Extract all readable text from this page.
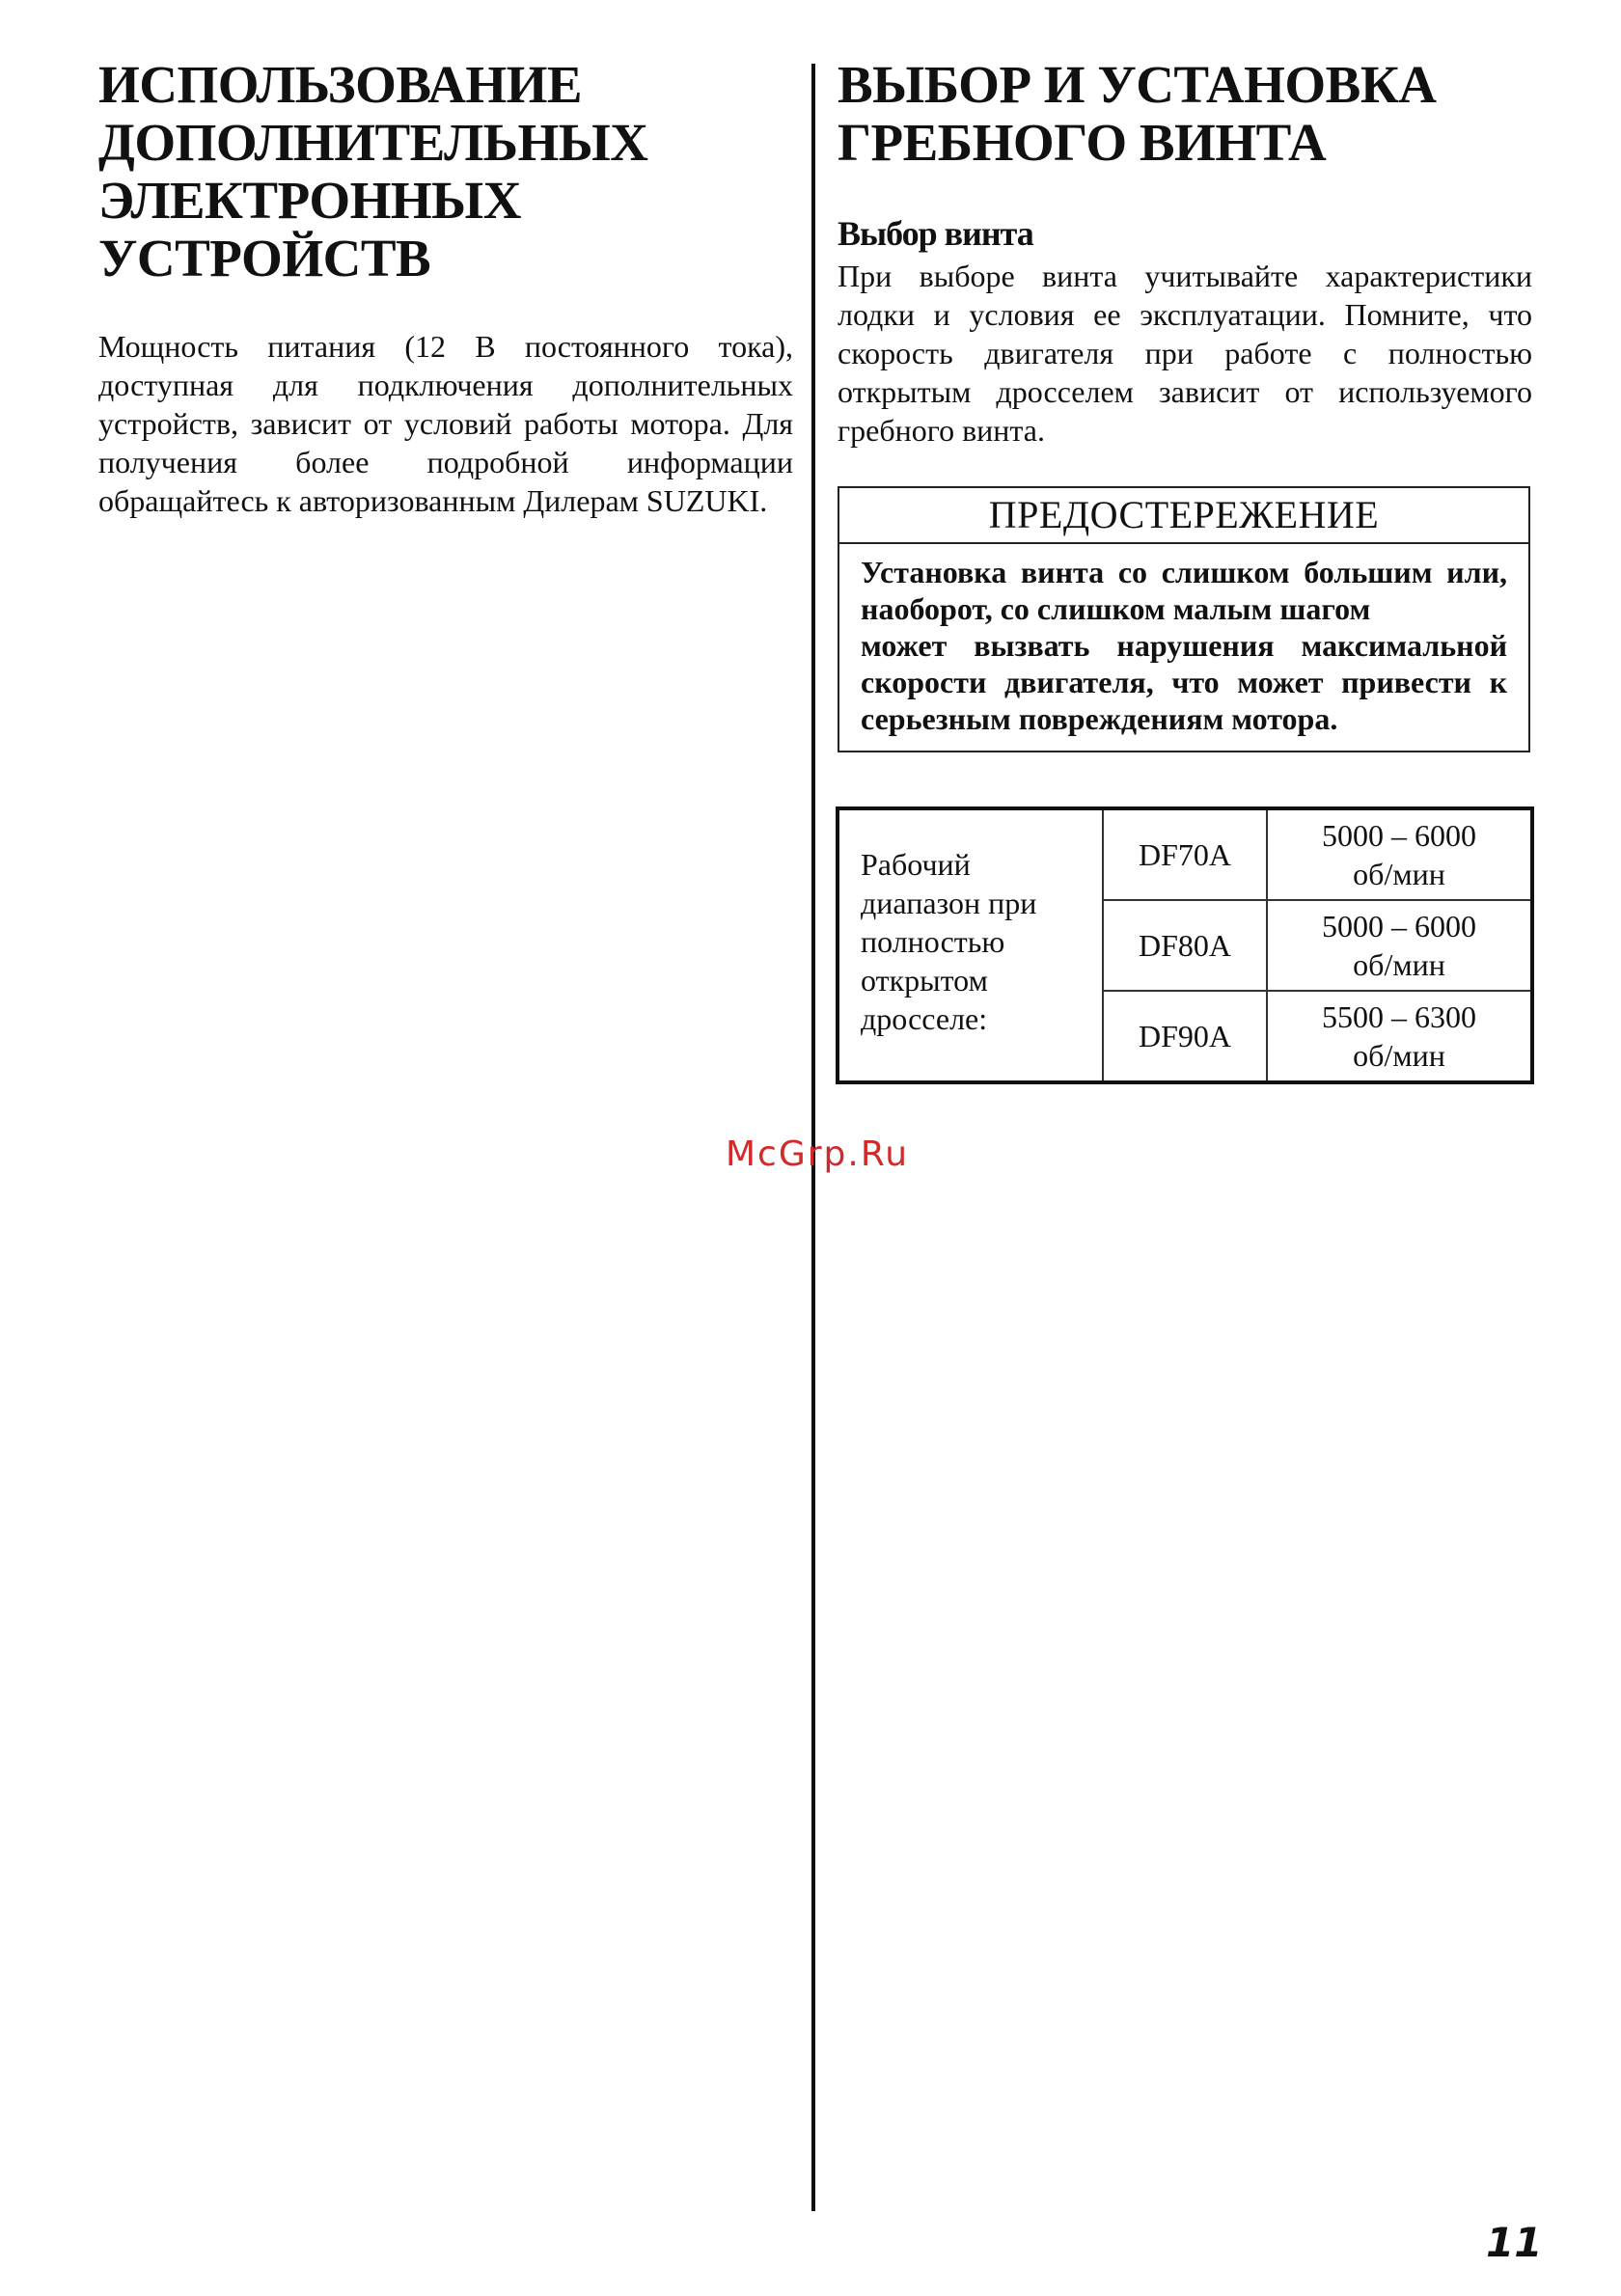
ИСПОЛЬЗОВАНИЕ
ДОПОЛНИТЕЛЬНЫХ
ЭЛЕКТРОННЫХ
УСТРОЙСТВ

Мощность питания (12 В постоянного тока), доступная для подключения дополнительных устройств, зависит от условий работы мотора. Для получения более подробной информации обращайтесь к авторизованным Дилерам SUZUKI.

ВЫБОР И УСТАНОВКА
ГРЕБНОГО ВИНТА
Выбор винта

При выборе винта учитывайте характеристики лодки и условия ее эксплуатации. Помните, что скорость двигателя при работе с полностью открытым дросселем зависит от используемого гребного винта.

ПРЕДОСТЕРЕЖЕНИЕ
Установка винта со слишком большим или,
наоборот, со слишком малым шагом
может вызвать нарушения максимальной скорости двигателя, что может привести к серьезным повреждениям мотора.
Рабочий диапазон при полностью открытом дросселе:	DF70A	5000 – 6000
об/мин

	DF80A	5000 – 6000
об/мин

	DF90A	5500 – 6300
об/мин
McGrp.Ru
11
